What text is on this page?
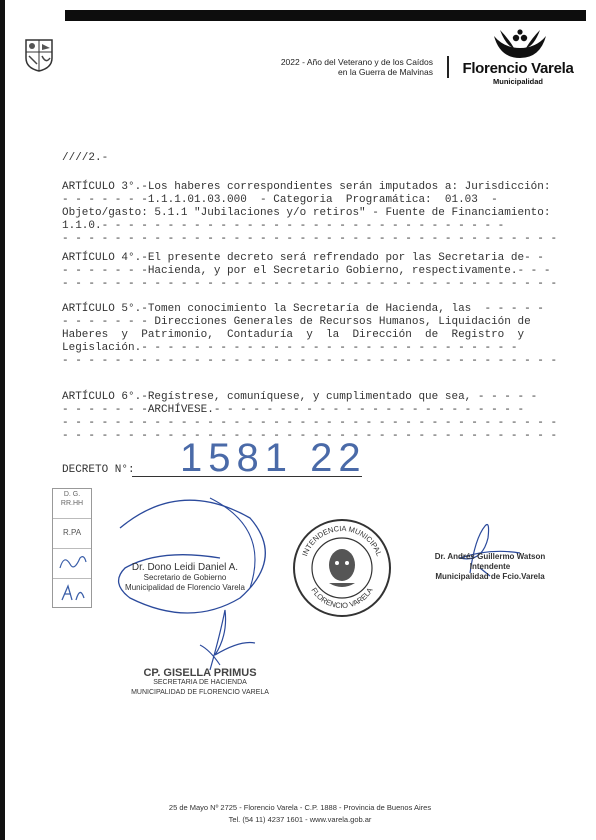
2022 - Año del Veterano y de los Caídos
en la Guerra de Malvinas Florencio Varela
Municipalidad
////2.-
ARTÍCULO 3°.-Los haberes correspondientes serán imputados a: Jurisdicción:
- - - - - - -1.1.1.01.03.000  - Categoria  Programática:  01.03  -
Objeto/gasto: 5.1.1 "Jubilaciones y/o retiros" - Fuente de Financiamiento:
1.1.0.- - - - - - - - - - - - - - - - - - - - - - - - - - - - - - -
- - - - - - - - - - - - - - - - - - - - - - - - - - - - - - - - - - - - - -
ARTÍCULO 4°.-El presente decreto será refrendado por las Secretaria de- -
- - - - - - -Hacienda, y por el Secretario Gobierno, respectivamente.- - -
- - - - - - - - - - - - - - - - - - - - - - - - - - - - - - - - - - - - - -
ARTÍCULO 5°.-Tomen conocimiento la Secretaría de Hacienda, las  - - - - -
- - - - - - - Direcciones Generales de Recursos Humanos, Liquidación de
Haberes  y  Patrimonio,  Contaduría  y  la  Dirección  de  Registro  y
Legislación.- - - - - - - - - - - - - - - - - - - - - - - - - - - - -
- - - - - - - - - - - - - - - - - - - - - - - - - - - - - - - - - - - - - -
ARTÍCULO 6°.-Regístrese, comuníquese, y cumplimentado que sea, - - - - -
- - - - - - -ARCHÍVESE.- - - - - - - - - - - - - - - - - - - - - - - -
- - - - - - - - - - - - - - - - - - - - - - - - - - - - - - - - - - - - - -
- - - - - - - - - - - - - - - - - - - - - - - - - - - - - - - - - - - - - -
DECRETO N°: 1581 22
D. G.
RR.HH
R.PA
Dr. Dono Leidi Daniel A.
Secretario de Gobierno
Municipalidad de Florencio Varela
INTENDENCIA MUNICIPAL
FLORENCIO VARELA
Dr. Andrés Guillermo Watson
Intendente
Municipalidad de Fcio.Varela
CP. GISELLA PRIMUS
SECRETARIA DE HACIENDA
MUNICIPALIDAD DE FLORENCIO VARELA
25 de Mayo Nº 2725 - Florencio Varela - C.P. 1888 - Provincia de Buenos Aires
Tel. (54 11) 4237 1601 - www.varela.gob.ar
